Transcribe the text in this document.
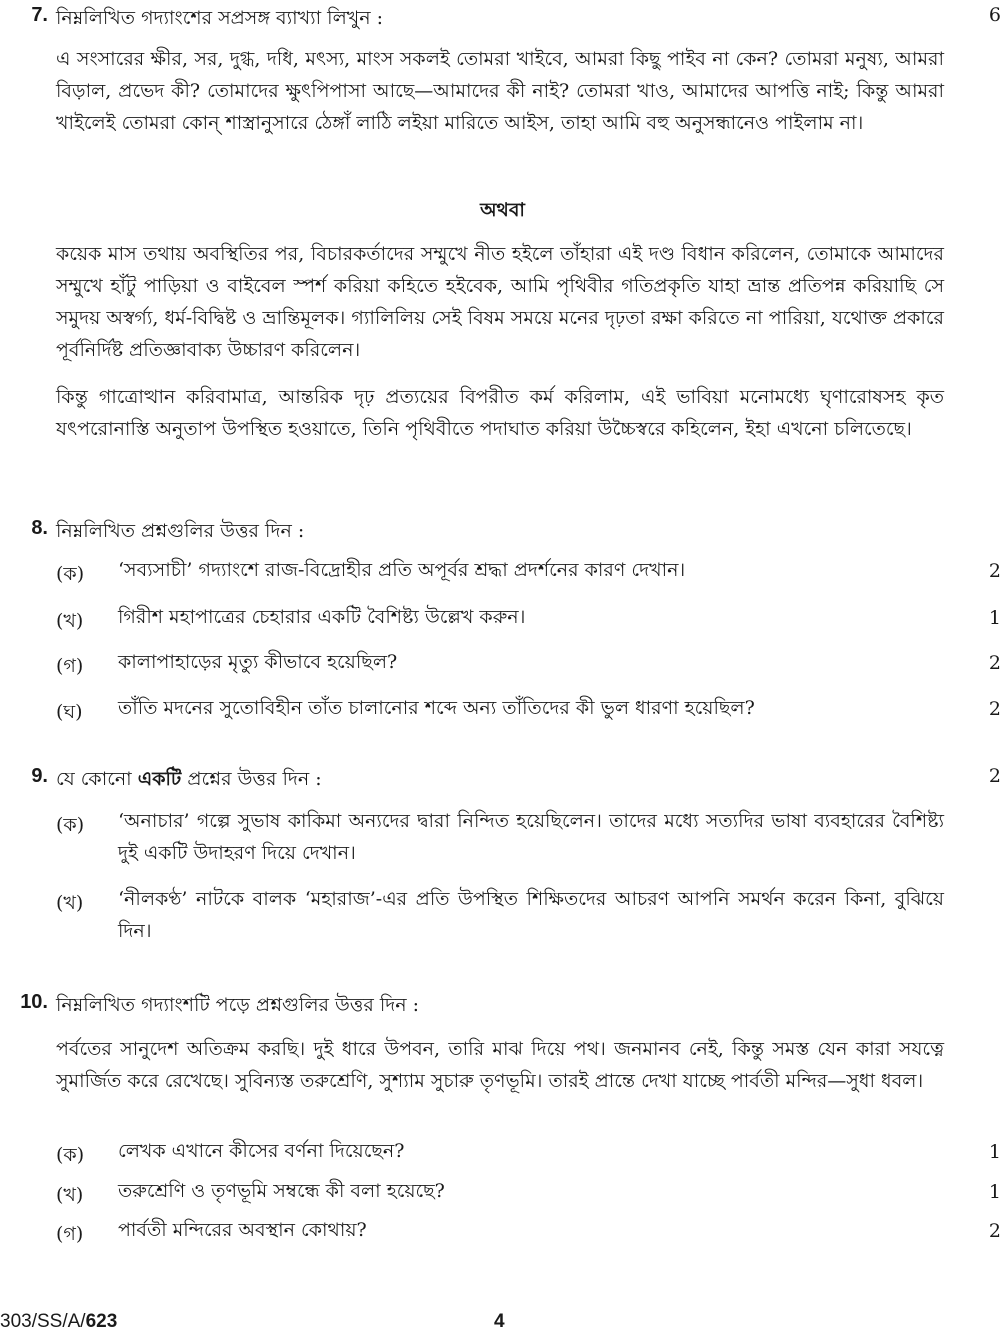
7. নিম্নলিখিত গদ্যাংশের সপ্রসঙ্গ ব্যাখ্যা লিখুন :	6
এ সংসারের ক্ষীর, সর, দুগ্ধ, দধি, মৎস্য, মাংস সকলই তোমরা খাইবে, আমরা কিছু পাইব না কেন? তোমরা মনুষ্য, আমরা বিড়াল, প্রভেদ কী? তোমাদের ক্ষুৎপিপাসা আছে—আমাদের কী নাই? তোমরা খাও, আমাদের আপত্তি নাই; কিন্তু আমরা খাইলেই তোমরা কোন্ শাস্ত্রানুসারে ঠেঙ্গাঁ লাঠি লইয়া মারিতে আইস, তাহা আমি বহু অনুসন্ধানেও পাইলাম না।
অথবা
কয়েক মাস তথায় অবস্থিতির পর, বিচারকর্তাদের সম্মুখে নীত হইলে তাঁহারা এই দণ্ড বিধান করিলেন, তোমাকে আমাদের সম্মুখে হাঁটু পাড়িয়া ও বাইবেল স্পর্শ করিয়া কহিতে হইবেক, আমি পৃথিবীর গতিপ্রকৃতি যাহা ভ্রান্ত প্রতিপন্ন করিয়াছি সে সমুদয় অস্বর্গ্য, ধর্ম-বিদ্বিষ্ট ও ভ্রান্তিমূলক। গ্যালিলিয় সেই বিষম সময়ে মনের দৃঢ়তা রক্ষা করিতে না পারিয়া, যথোক্ত প্রকারে পূর্বনির্দিষ্ট প্রতিজ্ঞাবাক্য উচ্চারণ করিলেন।
কিন্তু গাত্রোত্থান করিবামাত্র, আন্তরিক দৃঢ় প্রত্যয়ের বিপরীত কর্ম করিলাম, এই ভাবিয়া মনোমধ্যে ঘৃণারোষসহ কৃত যৎপরোনাস্তি অনুতাপ উপস্থিত হওয়াতে, তিনি পৃথিবীতে পদাঘাত করিয়া উচ্চৈস্বরে কহিলেন, ইহা এখনো চলিতেছে।
8. নিম্নলিখিত প্রশ্নগুলির উত্তর দিন :
(ক)	‘সব্যসাচী’ গদ্যাংশে রাজ-বিদ্রোহীর প্রতি অপূর্বর শ্রদ্ধা প্রদর্শনের কারণ দেখান।	2
(খ)	গিরীশ মহাপাত্রের চেহারার একটি বৈশিষ্ট্য উল্লেখ করুন।	1
(গ)	কালাপাহাড়ের মৃত্যু কীভাবে হয়েছিল?	2
(ঘ)	তাঁতি মদনের সুতোবিহীন তাঁত চালানোর শব্দে অন্য তাঁতিদের কী ভুল ধারণা হয়েছিল?	2
9. যে কোনো একটি প্রশ্নের উত্তর দিন :	2
(ক)	‘অনাচার’ গল্পে সুভাষ কাকিমা অন্যদের দ্বারা নিন্দিত হয়েছিলেন। তাদের মধ্যে সত্যদির ভাষা ব্যবহারের বৈশিষ্ট্য দুই একটি উদাহরণ দিয়ে দেখান।
(খ)	‘নীলকণ্ঠ’ নাটকে বালক ‘মহারাজ’-এর প্রতি উপস্থিত শিক্ষিতদের আচরণ আপনি সমর্থন করেন কিনা, বুঝিয়ে দিন।
10. নিম্নলিখিত গদ্যাংশটি পড়ে প্রশ্নগুলির উত্তর দিন :
পর্বতের সানুদেশ অতিক্রম করছি। দুই ধারে উপবন, তারি মাঝ দিয়ে পথ। জনমানব নেই, কিন্তু সমস্ত যেন কারা সযত্নে সুমার্জিত করে রেখেছে। সুবিন্যস্ত তরুশ্রেণি, সুশ্যাম সুচারু তৃণভূমি। তারই প্রান্তে দেখা যাচ্ছে পার্বতী মন্দির—সুধা ধবল।
(ক)	লেখক এখানে কীসের বর্ণনা দিয়েছেন?	1
(খ)	তরুশ্রেণি ও তৃণভূমি সম্বন্ধে কী বলা হয়েছে?	1
(গ)	পার্বতী মন্দিরের অবস্থান কোথায়?	2
303/SS/A/623	4
